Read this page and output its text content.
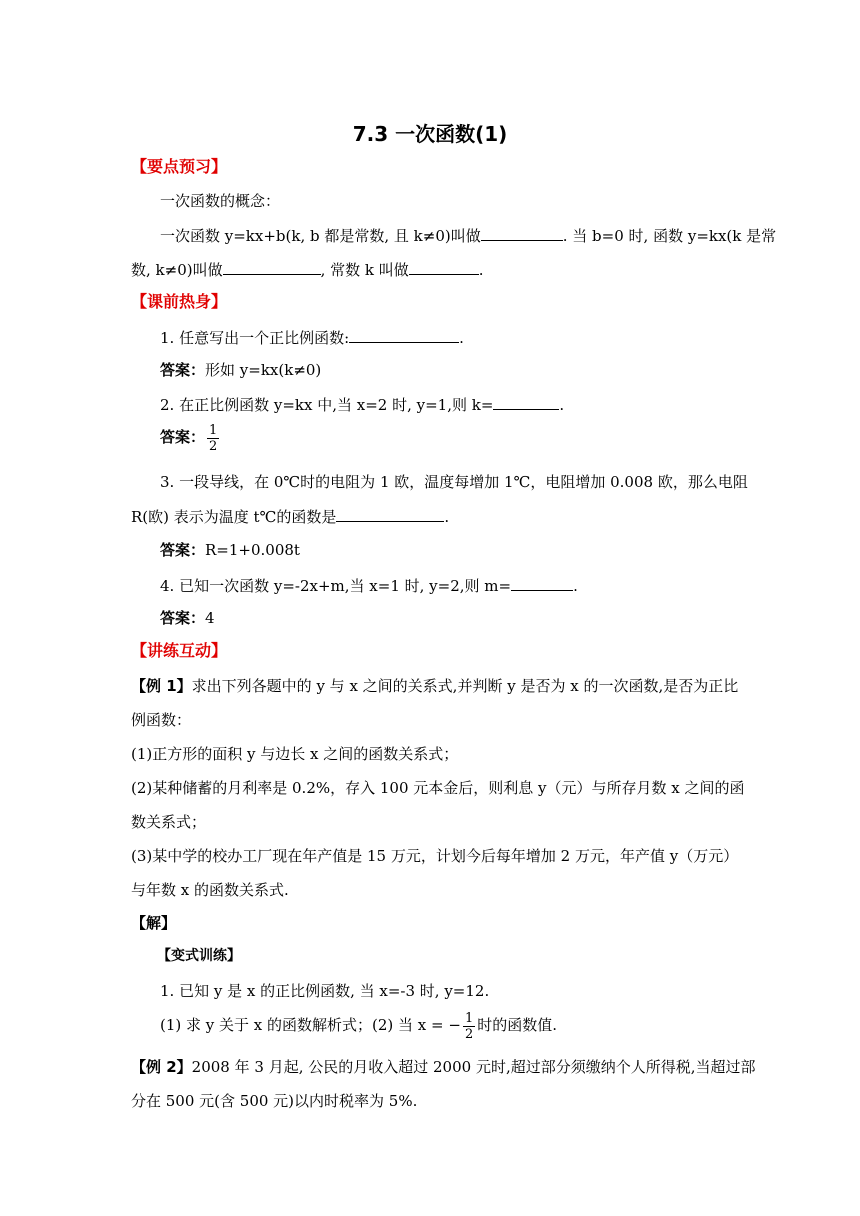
7.3 一次函数(1)
【要点预习】
一次函数的概念：
一次函数 y=kx+b(k, b 都是常数, 且 k≠0)叫做	. 当 b=0 时, 函数 y=kx(k 是常
数, k≠0)叫做	, 常数 k 叫做	.
【课前热身】
1. 任意写出一个正比例函数:	.
答案：形如 y=kx(k≠0)
2. 在正比例函数 y=kx 中,当 x=2 时, y=1,则 k=	.
答案： $\frac{1}{2}$
3. 一段导线，在 0℃时的电阻为 1 欧，温度每增加 1℃，电阻增加 0.008 欧，那么电阻
R(欧) 表示为温度 t℃的函数是	.
答案：R=1+0.008t
4. 已知一次函数 y=-2x+m,当 x=1 时, y=2,则 m=	.
答案：4
【讲练互动】
【例 1】求出下列各题中的 y 与 x 之间的关系式,并判断 y 是否为 x 的一次函数,是否为正比
例函数：
(1)正方形的面积 y 与边长 x 之间的函数关系式；
(2)某种储蓄的月利率是 0.2%，存入 100 元本金后，则利息 y（元）与所存月数 x 之间的函
数关系式；
(3)某中学的校办工厂现在年产值是 15 万元，计划今后每年增加 2 万元，年产值 y（万元）
与年数 x 的函数关系式.
【解】
【变式训练】
1. 已知 y 是 x 的正比例函数, 当 x=-3 时, y=12.
(1) 求 y 关于 x 的函数解析式；(2) 当 x = − $\frac{1}{2}$ 时的函数值.
【例 2】2008 年 3 月起, 公民的月收入超过 2000 元时,超过部分须缴纳个人所得税,当超过部
分在 500 元(含 500 元)以内时税率为 5%.
